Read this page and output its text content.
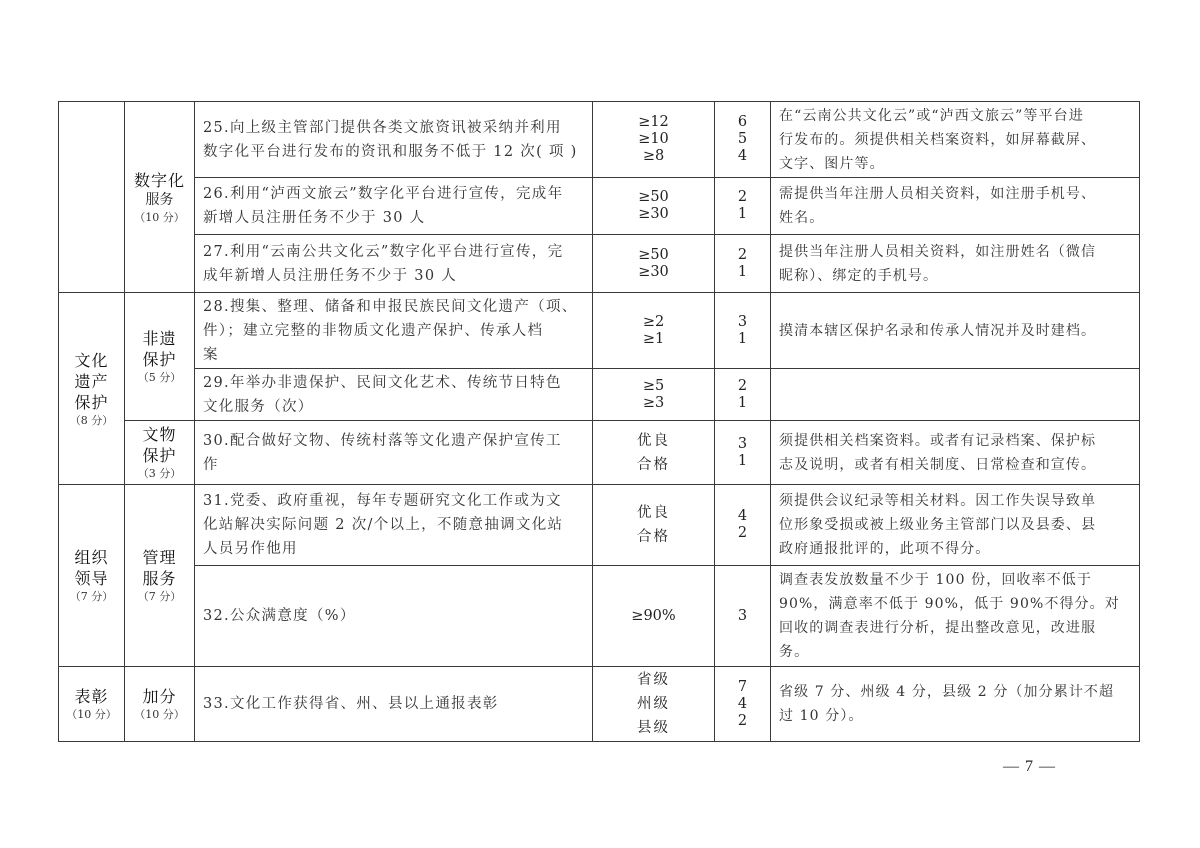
	数字化
服务
（10 分）	25.向上级主管部门提供各类文旅资讯被采纳并利用
数字化平台进行发布的资讯和服务不低于 12 次( 项 )	≥12
≥10
≥8	6
5
4	在“云南公共文化云”或“泸西文旅云”等平台进
行发布的。须提供相关档案资料，如屏幕截屏、
文字、图片等。

		26.利用“泸西文旅云”数字化平台进行宣传，完成年
新增人员注册任务不少于 30 人	≥50
≥30	2
1	需提供当年注册人员相关资料，如注册手机号、
姓名。

		27.利用“云南公共文化云”数字化平台进行宣传，完
成年新增人员注册任务不少于 30 人	≥50
≥30	2
1	提供当年注册人员相关资料，如注册姓名（微信
昵称）、绑定的手机号。

文化
遗产
保护
（8 分）	非遗
保护
（5 分）	28.搜集、整理、储备和申报民族民间文化遗产（项、
件）；建立完整的非物质文化遗产保护、传承人档
案	≥2
≥1	3
1	摸清本辖区保护名录和传承人情况并及时建档。

		29.年举办非遗保护、民间文化艺术、传统节日特色
文化服务（次）	≥5
≥3	2
1	

	文物
保护
（3 分）	30.配合做好文物、传统村落等文化遗产保护宣传工
作	优良
合格	3
1	须提供相关档案资料。或者有记录档案、保护标
志及说明，或者有相关制度、日常检查和宣传。

组织
领导
（7 分）	管理
服务
（7 分）	31.党委、政府重视，每年专题研究文化工作或为文
化站解决实际问题 2 次/个以上，不随意抽调文化站
人员另作他用	优良
合格	4
2	须提供会议纪录等相关材料。因工作失误导致单
位形象受损或被上级业务主管部门以及县委、县
政府通报批评的，此项不得分。

		32.公众满意度（%）	≥90%	3	调查表发放数量不少于 100 份，回收率不低于
90%，满意率不低于 90%，低于 90%不得分。对
回收的调查表进行分析，提出整改意见，改进服
务。

表彰
（10 分）	加分
（10 分）	33.文化工作获得省、州、县以上通报表彰	省级
州级
县级	7
4
2	省级 7 分、州级 4 分，县级 2 分（加分累计不超
过 10 分）。
— 7 —
